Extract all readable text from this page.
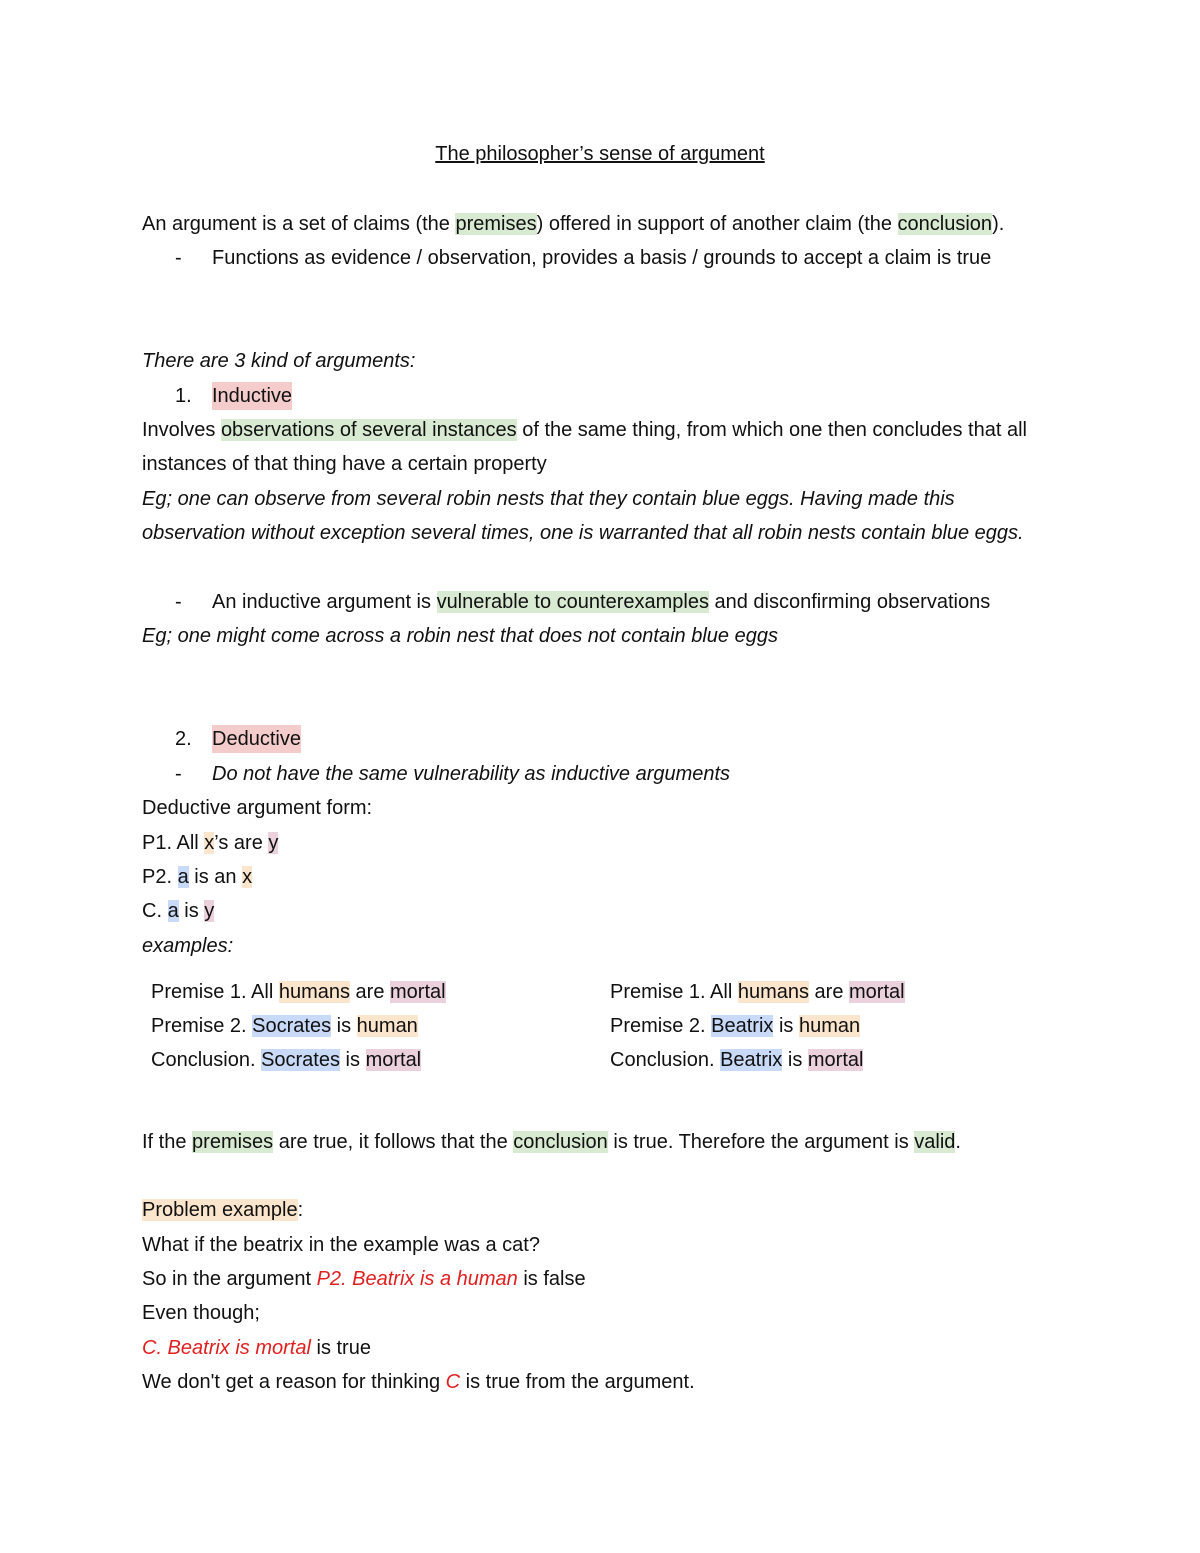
The philosopher’s sense of argument
An argument is a set of claims (the premises) offered in support of another claim (the conclusion).
- Functions as evidence / observation, provides a basis / grounds to accept a claim is true
There are 3 kind of arguments:
1. Inductive
Involves observations of several instances of the same thing, from which one then concludes that all
instances of that thing have a certain property
Eg; one can observe from several robin nests that they contain blue eggs. Having made this
observation without exception several times, one is warranted that all robin nests contain blue eggs.
- An inductive argument is vulnerable to counterexamples and disconfirming observations
Eg; one might come across a robin nest that does not contain blue eggs
2. Deductive
- Do not have the same vulnerability as inductive arguments
Deductive argument form:
P1. All x’s are y
P2. a is an x
C. a is y
examples:
Premise 1. All humans are mortal
Premise 2. Socrates is human
Conclusion. Socrates is mortal
Premise 1. All humans are mortal
Premise 2. Beatrix is human
Conclusion. Beatrix is mortal
If the premises are true, it follows that the conclusion is true. Therefore the argument is valid.
Problem example:
What if the beatrix in the example was a cat?
So in the argument P2. Beatrix is a human is false
Even though;
C. Beatrix is mortal is true
We don't get a reason for thinking C is true from the argument.
